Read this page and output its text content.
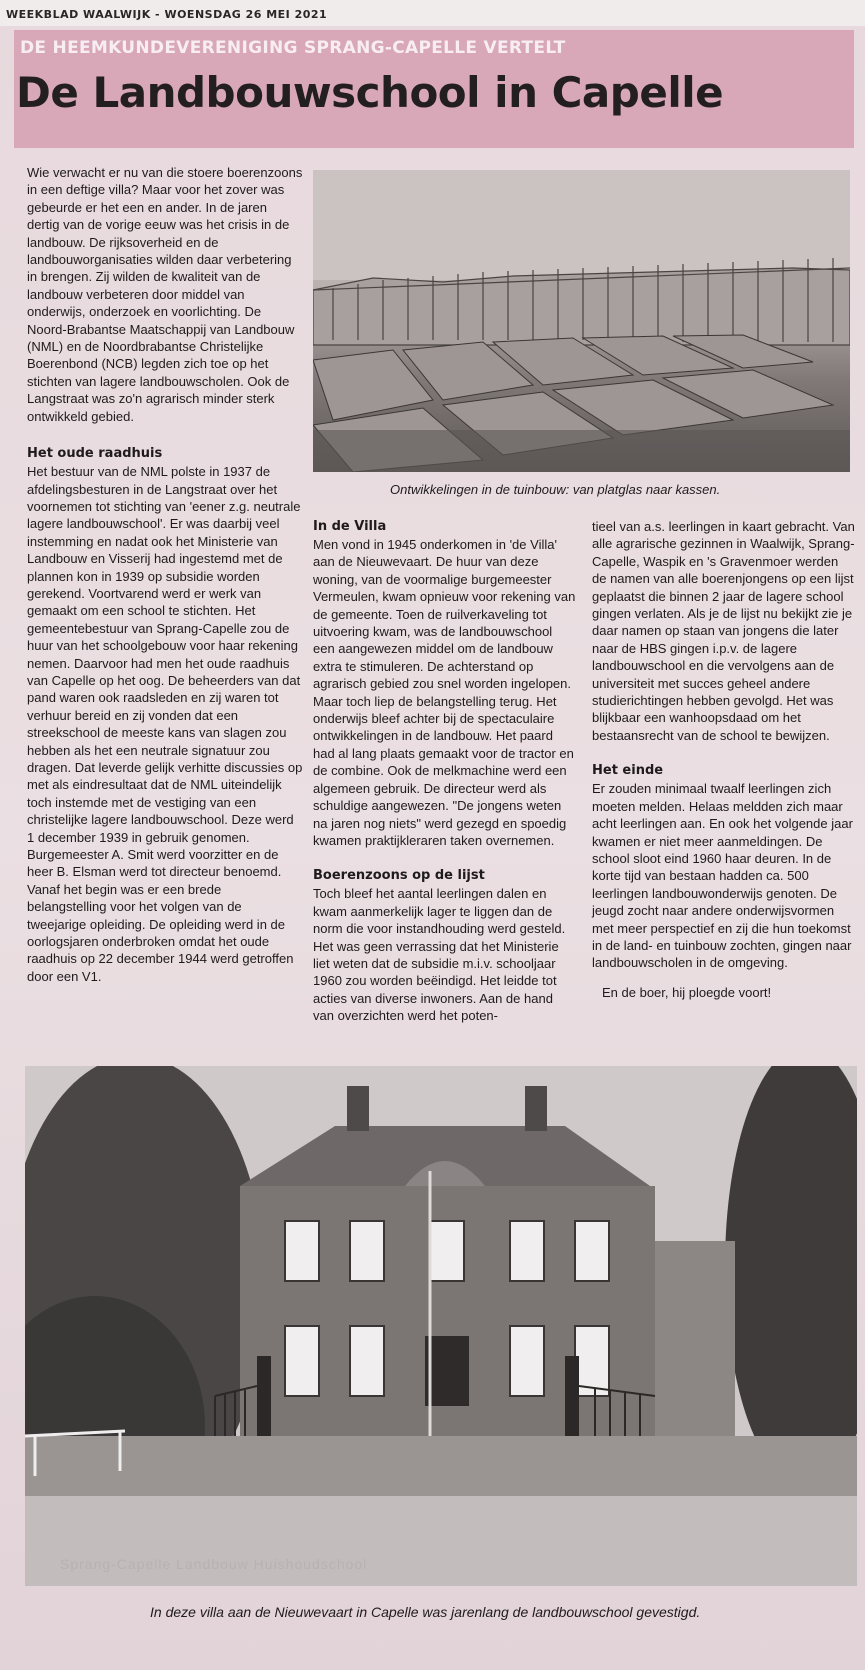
WEEKBLAD WAALWIJK - WOENSDAG 26 MEI 2021
DE HEEMKUNDEVERENIGING SPRANG-CAPELLE VERTELT
De Landbouwschool in Capelle

Wie verwacht er nu van die stoere boerenzoons in een deftige villa? Maar voor het zover was gebeurde er het een en ander. In de jaren dertig van de vorige eeuw was het crisis in de landbouw. De rijksoverheid en de landbouworganisaties wilden daar verbetering in brengen. Zij wilden de kwaliteit van de landbouw verbeteren door middel van onderwijs, onderzoek en voorlichting. De Noord-Brabantse Maatschappij van Landbouw (NML) en de Noordbrabantse Christelijke Boerenbond (NCB) legden zich toe op het stichten van lagere landbouwscholen. Ook de Langstraat was zo'n agrarisch minder sterk ontwikkeld gebied.

Het oude raadhuis

Het bestuur van de NML polste in 1937 de afdelingsbesturen in de Langstraat over het voornemen tot stichting van 'eener z.g. neutrale lagere landbouwschool'. Er was daarbij veel instemming en nadat ook het Ministerie van Landbouw en Visserij had ingestemd met de plannen kon in 1939 op subsidie worden gerekend. Voortvarend werd er werk van gemaakt om een school te stichten. Het gemeentebestuur van Sprang-Capelle zou de huur van het schoolgebouw voor haar rekening nemen. Daarvoor had men het oude raadhuis van Capelle op het oog. De beheerders van dat pand waren ook raadsleden en zij waren tot verhuur bereid en zij vonden dat een streekschool de meeste kans van slagen zou hebben als het een neutrale signatuur zou dragen. Dat leverde gelijk verhitte discussies op met als eindresultaat dat de NML uiteindelijk toch instemde met de vestiging van een christelijke lagere landbouwschool. Deze werd 1 december 1939 in gebruik genomen. Burgemeester A. Smit werd voorzitter en de heer B. Elsman werd tot directeur benoemd. Vanaf het begin was er een brede belangstelling voor het volgen van de tweejarige opleiding. De opleiding werd in de oorlogsjaren onderbroken omdat het oude raadhuis op 22 december 1944 werd getroffen door een V1.

Ontwikkelingen in de tuinbouw: van platglas naar kassen.
In de Villa

Men vond in 1945 onderkomen in 'de Villa' aan de Nieuwevaart. De huur van deze woning, van de voormalige burgemeester Vermeulen, kwam opnieuw voor rekening van de gemeente. Toen de ruilverkaveling tot uitvoering kwam, was de landbouwschool een aangewezen middel om de landbouw extra te stimuleren. De achterstand op agrarisch gebied zou snel worden ingelopen. Maar toch liep de belangstelling terug. Het onderwijs bleef achter bij de spectaculaire ontwikkelingen in de landbouw. Het paard had al lang plaats gemaakt voor de tractor en de combine. Ook de melkmachine werd een algemeen gebruik. De directeur werd als schuldige aangewezen. "De jongens weten na jaren nog niets" werd gezegd en spoedig kwamen praktijkleraren taken overnemen.

Boerenzoons op de lijst

Toch bleef het aantal leerlingen dalen en kwam aanmerkelijk lager te liggen dan de norm die voor instandhouding werd gesteld. Het was geen verrassing dat het Ministerie liet weten dat de subsidie m.i.v. schooljaar 1960 zou worden beëindigd. Het leidde tot acties van diverse inwoners. Aan de hand van overzichten werd het poten-

tieel van a.s. leerlingen in kaart gebracht. Van alle agrarische gezinnen in Waalwijk, Sprang-Capelle, Waspik en 's Gravenmoer werden de namen van alle boerenjongens op een lijst geplaatst die binnen 2 jaar de lagere school gingen verlaten. Als je de lijst nu bekijkt zie je daar namen op staan van jongens die later naar de HBS gingen i.p.v. de lagere landbouwschool en die vervolgens aan de universiteit met succes geheel andere studierichtingen hebben gevolgd. Het was blijkbaar een wanhoopsdaad om het bestaansrecht van de school te bewijzen.

Het einde

Er zouden minimaal twaalf leerlingen zich moeten melden. Helaas meldden zich maar acht leerlingen aan. En ook het volgende jaar kwamen er niet meer aanmeldingen. De school sloot eind 1960 haar deuren. In de korte tijd van bestaan hadden ca. 500 leerlingen landbouwonderwijs genoten. De jeugd zocht naar andere onderwijsvormen met meer perspectief en zij die hun toekomst in de land- en tuinbouw zochten, gingen naar landbouwscholen in de omgeving.

En de boer, hij ploegde voort!

Sprang-Capelle Landbouw Huishoudschool
In deze villa aan de Nieuwevaart in Capelle was jarenlang de landbouwschool gevestigd.
